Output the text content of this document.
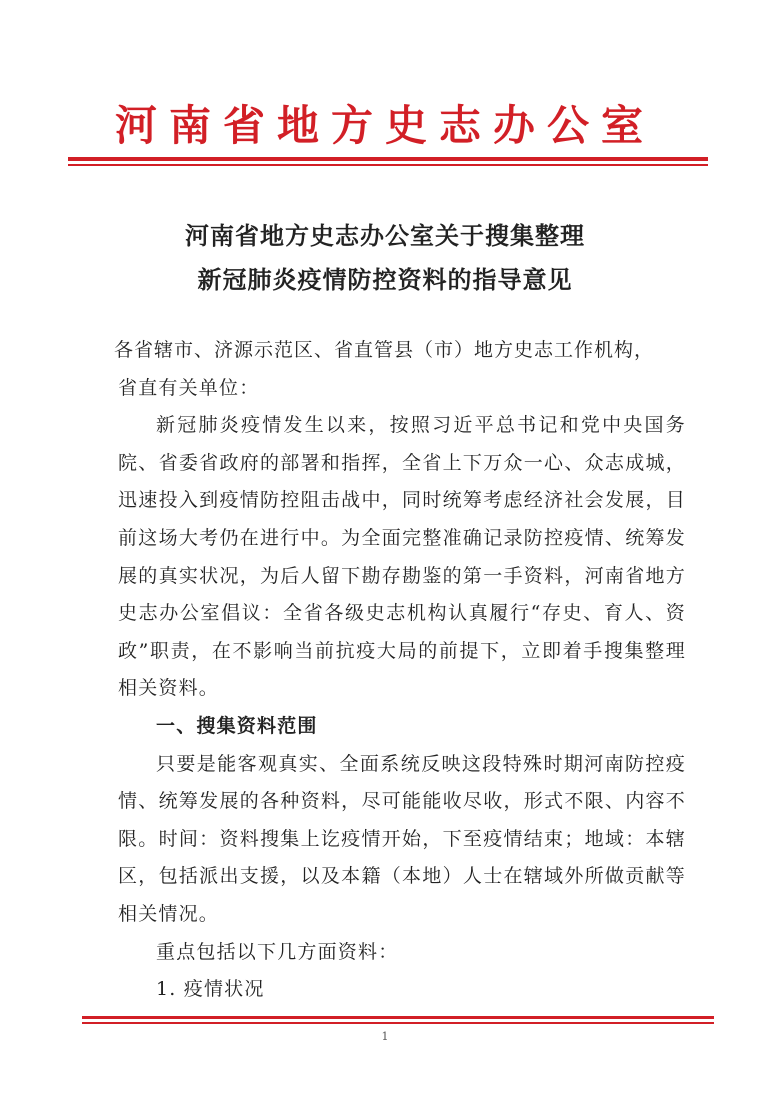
河南省地方史志办公室
河南省地方史志办公室关于搜集整理
新冠肺炎疫情防控资料的指导意见

各省辖市、济源示范区、省直管县（市）地方史志工作机构，

省直有关单位：

新冠肺炎疫情发生以来，按照习近平总书记和党中央国务院、省委省政府的部署和指挥，全省上下万众一心、众志成城，迅速投入到疫情防控阻击战中，同时统筹考虑经济社会发展，目前这场大考仍在进行中。为全面完整准确记录防控疫情、统筹发展的真实状况，为后人留下勘存勘鉴的第一手资料，河南省地方史志办公室倡议：全省各级史志机构认真履行“存史、育人、资政”职责，在不影响当前抗疫大局的前提下，立即着手搜集整理相关资料。

一、搜集资料范围

只要是能客观真实、全面系统反映这段特殊时期河南防控疫情、统筹发展的各种资料，尽可能能收尽收，形式不限、内容不限。时间：资料搜集上讫疫情开始，下至疫情结束；地域：本辖区，包括派出支援，以及本籍（本地）人士在辖域外所做贡献等相关情况。

重点包括以下几方面资料：

1. 疫情状况

1
